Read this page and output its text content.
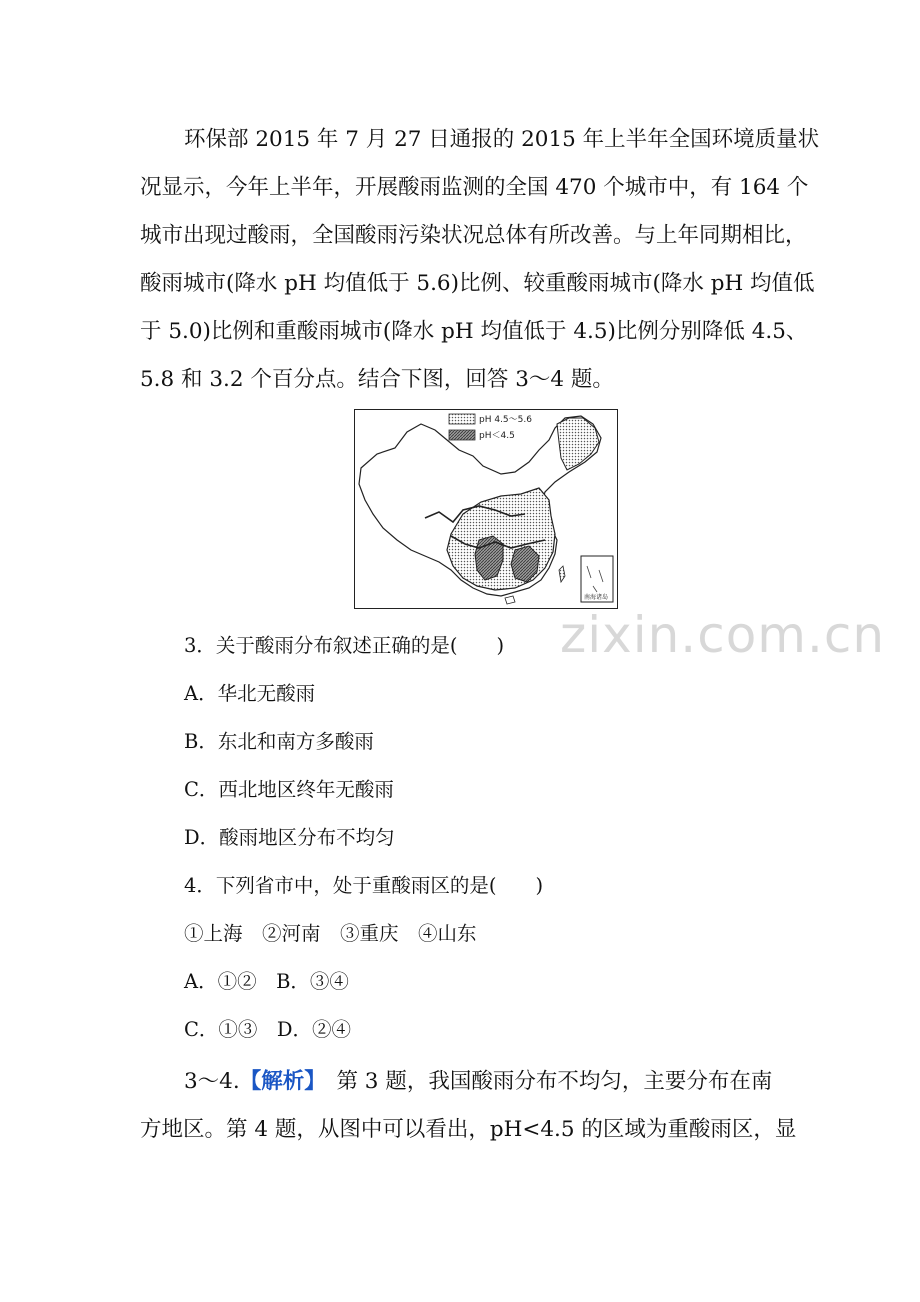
环保部 2015 年 7 月 27 日通报的 2015 年上半年全国环境质量状
况显示，今年上半年，开展酸雨监测的全国 470 个城市中，有 164 个
城市出现过酸雨，全国酸雨污染状况总体有所改善。与上年同期相比，
酸雨城市(降水 pH 均值低于 5.6)比例、较重酸雨城市(降水 pH 均值低
于 5.0)比例和重酸雨城市(降水 pH 均值低于 4.5)比例分别降低 4.5、
5.8 和 3.2 个百分点。结合下图，回答 3～4 题。
pH 4.5～5.6
pH＜4.5
南海诸岛
zixin.com.cn
3．关于酸雨分布叙述正确的是(　　)
A．华北无酸雨
B．东北和南方多酸雨
C．西北地区终年无酸雨
D．酸雨地区分布不均匀
4．下列省市中，处于重酸雨区的是(　　)
①上海　②河南　③重庆　④山东
A．①②　B．③④
C．①③　D．②④
3～4.【解析】　第 3 题，我国酸雨分布不均匀，主要分布在南
方地区。第 4 题，从图中可以看出，pH<4.5 的区域为重酸雨区，显
